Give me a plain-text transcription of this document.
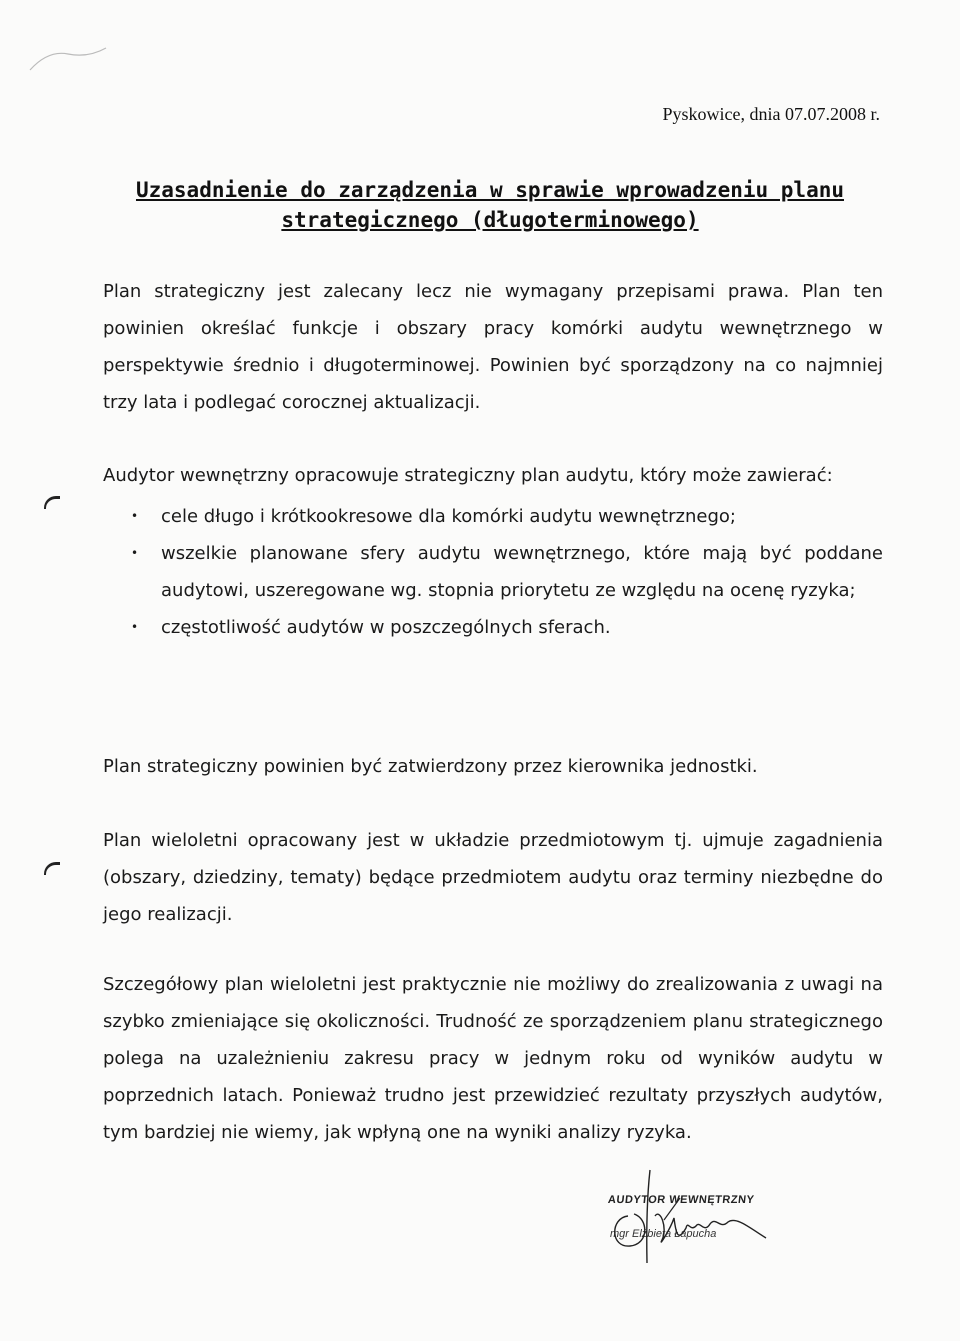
Pyskowice, dnia 07.07.2008 r.
Uzasadnienie do zarządzenia w sprawie wprowadzeniu planu
strategicznego (długoterminowego)

Plan strategiczny jest zalecany lecz nie wymagany przepisami prawa. Plan ten powinien określać funkcje i obszary pracy komórki audytu wewnętrznego w perspektywie średnio i długoterminowej. Powinien być sporządzony na co najmniej trzy lata i podlegać corocznej aktualizacji.

Audytor wewnętrzny opracowuje strategiczny plan audytu, który może zawierać:

• cele długo i krótkookresowe dla komórki audytu wewnętrznego;
• wszelkie planowane sfery audytu wewnętrznego, które mają być poddane audytowi, uszeregowane wg. stopnia priorytetu ze względu na ocenę ryzyka;
• częstotliwość audytów w poszczególnych sferach.

Plan strategiczny powinien być zatwierdzony przez kierownika jednostki.

Plan wieloletni opracowany jest w układzie przedmiotowym tj. ujmuje zagadnienia (obszary, dziedziny, tematy) będące przedmiotem audytu oraz terminy niezbędne do jego realizacji.

Szczegółowy plan wieloletni jest praktycznie nie możliwy do zrealizowania z uwagi na szybko zmieniające się okoliczności. Trudność ze sporządzeniem planu strategicznego polega na uzależnieniu zakresu pracy w jednym roku od wyników audytu w poprzednich latach. Ponieważ trudno jest przewidzieć rezultaty przyszłych audytów, tym bardziej nie wiemy, jak wpłyną one na wyniki analizy ryzyka.

AUDYTOR WEWNĘTRZNY
mgr Elżbieta Łapucha
